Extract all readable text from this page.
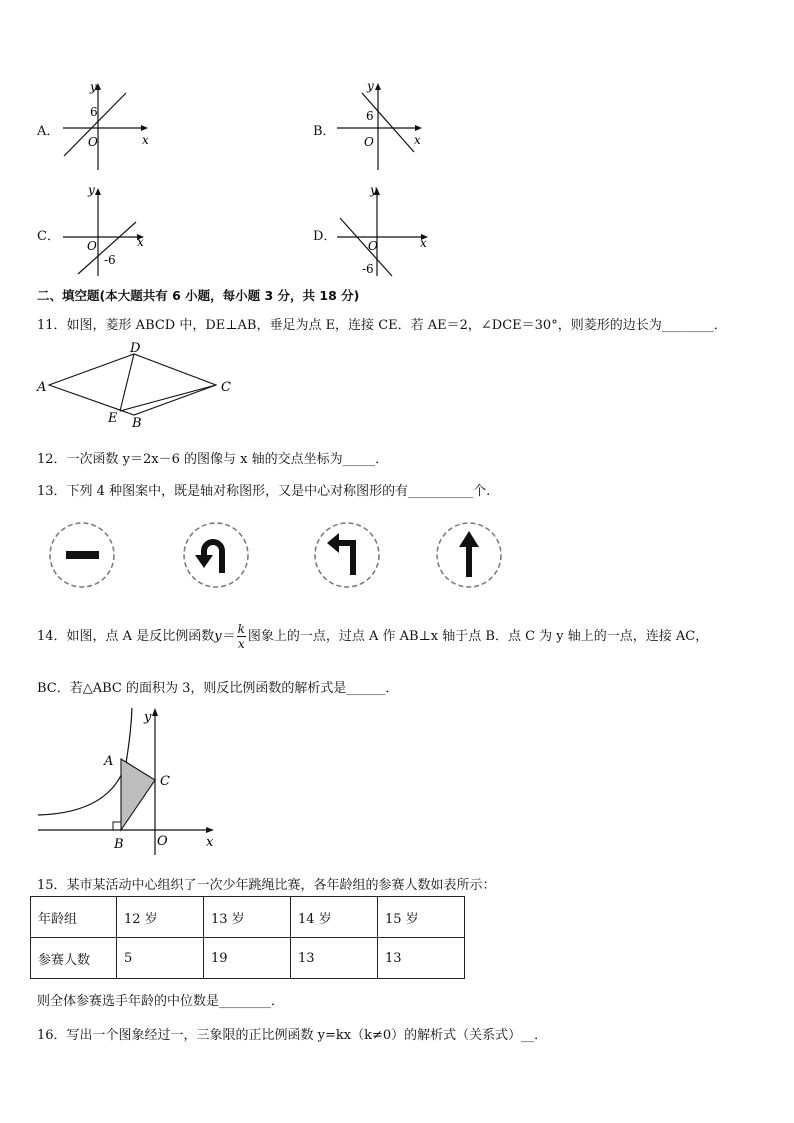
A．
y
x
O
6
B．
y
x
O
6
C．
y
x
O
-6
D．
y
x
O
-6
二、填空题(本大题共有 6 小题，每小题 3 分，共 18 分)
11．如图，菱形 ABCD 中，DE⊥AB，垂足为点 E，连接 CE．若 AE＝2，∠DCE＝30°，则菱形的边长为________．
A
D
C
E B
12．一次函数 y＝2x－6 的图像与 x 轴的交点坐标为_____．
13．下列 4 种图案中，既是轴对称图形，又是中心对称图形的有__________个.
14．如图，点 A 是反比例函数$y= \frac{k}{x}$ 图象上的一点，过点 A 作 AB⊥x 轴于点 B．点 C 为 y 轴上的一点，连接 AC，
BC．若△ABC 的面积为 3，则反比例函数的解析式是______．
y
A
C
B	O	x
15．某市某活动中心组织了一次少年跳绳比赛，各年龄组的参赛人数如表所示：
年龄组	12 岁	13 岁	14 岁	15 岁
参赛人数	5	19	13	13
则全体参赛选手年龄的中位数是________．
16．写出一个图象经过一，三象限的正比例函数 y=kx（k≠0）的解析式（关系式）__．
